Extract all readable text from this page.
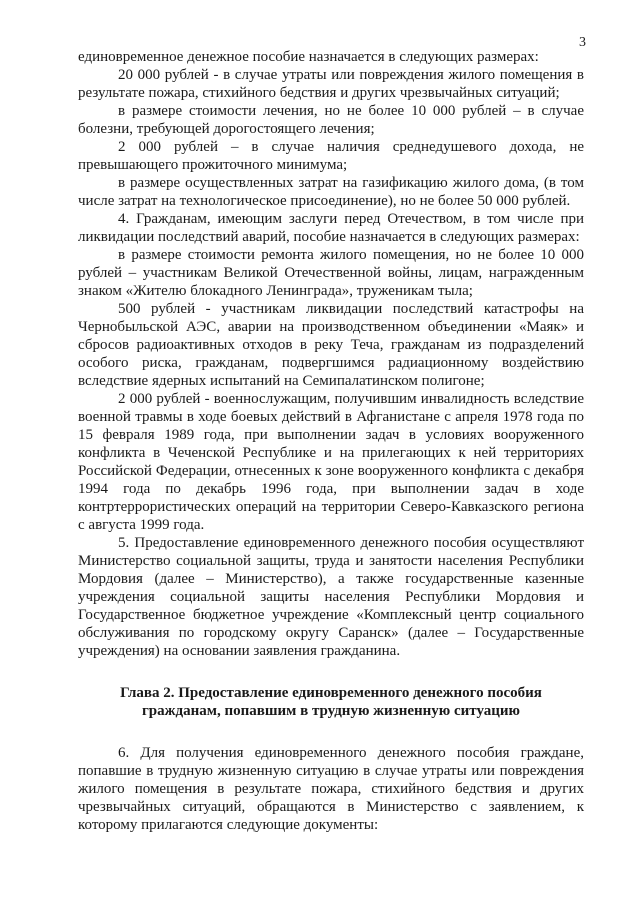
3

единовременное денежное пособие назначается в следующих размерах:

20 000 рублей - в случае утраты или повреждения жилого помещения в результате пожара, стихийного бедствия и других чрезвычайных ситуаций;

в размере стоимости лечения, но не более 10 000 рублей – в случае болезни, требующей дорогостоящего лечения;

2 000 рублей – в случае наличия среднедушевого дохода, не превышающего прожиточного минимума;

в размере осуществленных затрат на газификацию жилого дома, (в том числе затрат на технологическое присоединение), но не более 50 000 рублей.

4. Гражданам, имеющим заслуги перед Отечеством, в том числе при ликвидации последствий аварий, пособие назначается в следующих размерах:

в размере стоимости ремонта жилого помещения, но не более 10 000 рублей – участникам Великой Отечественной войны, лицам, награжденным знаком «Жителю блокадного Ленинграда», труженикам тыла;

500 рублей - участникам ликвидации последствий катастрофы на Чернобыльской АЭС, аварии на производственном объединении «Маяк» и сбросов радиоактивных отходов в реку Теча, гражданам из подразделений особого риска, гражданам, подвергшимся радиационному воздействию вследствие ядерных испытаний на Семипалатинском полигоне;

2 000 рублей - военнослужащим, получившим инвалидность вследствие военной травмы в ходе боевых действий в Афганистане с апреля 1978 года по 15 февраля 1989 года, при выполнении задач в условиях вооруженного конфликта в Чеченской Республике и на прилегающих к ней территориях Российской Федерации, отнесенных к зоне вооруженного конфликта с декабря 1994 года по декабрь 1996 года, при выполнении задач в ходе контртеррористических операций на территории Северо-Кавказского региона с августа 1999 года.

5. Предоставление единовременного денежного пособия осуществляют Министерство социальной защиты, труда и занятости населения Республики Мордовия (далее – Министерство), а также государственные казенные учреждения социальной защиты населения Республики Мордовия и Государственное бюджетное учреждение «Комплексный центр социального обслуживания по городскому округу Саранск» (далее – Государственные учреждения) на основании заявления гражданина.

Глава 2. Предоставление единовременного денежного пособия гражданам, попавшим в трудную жизненную ситуацию

6. Для получения единовременного денежного пособия граждане, попавшие в трудную жизненную ситуацию в случае утраты или повреждения жилого помещения в результате пожара, стихийного бедствия и других чрезвычайных ситуаций, обращаются в Министерство с заявлением, к которому прилагаются следующие документы:
